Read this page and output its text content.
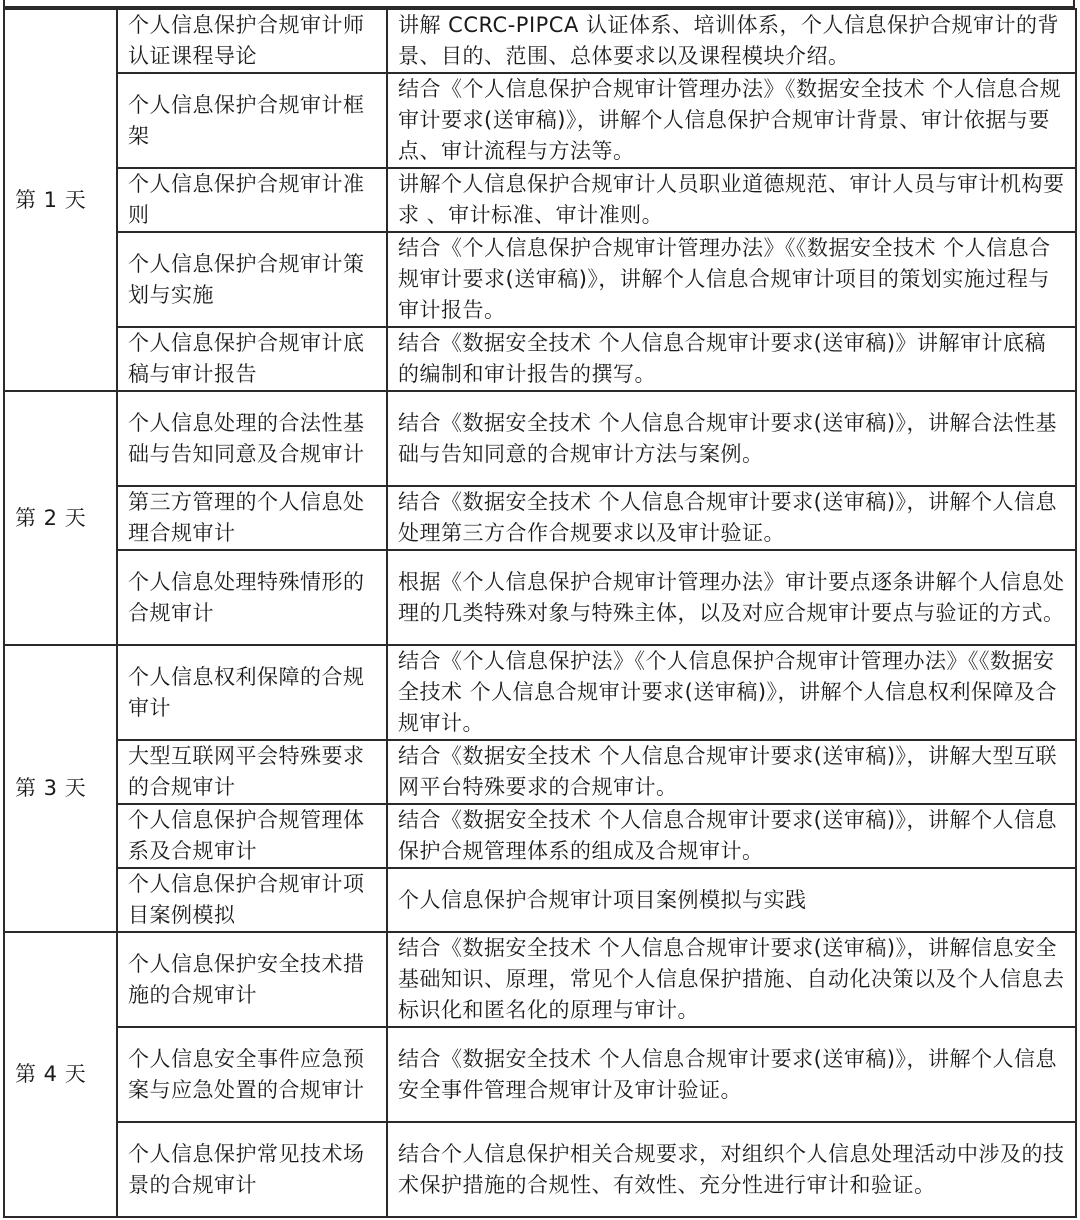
第 1 天	个人信息保护合规审计师认证课程导论	讲解 CCRC-PIPCA 认证体系、培训体系，个人信息保护合规审计的背景、目的、范围、总体要求以及课程模块介绍。
	个人信息保护合规审计框架	结合《个人信息保护合规审计管理办法》《数据安全技术 个人信息合规审计要求(送审稿)》，讲解个人信息保护合规审计背景、审计依据与要点、审计流程与方法等。
	个人信息保护合规审计准则	讲解个人信息保护合规审计人员职业道德规范、审计人员与审计机构要求 、审计标准、审计准则。
	个人信息保护合规审计策划与实施	结合《个人信息保护合规审计管理办法》《《数据安全技术 个人信息合规审计要求(送审稿)》，讲解个人信息合规审计项目的策划实施过程与审计报告。
	个人信息保护合规审计底稿与审计报告	结合《数据安全技术 个人信息合规审计要求(送审稿)》讲解审计底稿的编制和审计报告的撰写。
第 2 天	个人信息处理的合法性基础与告知同意及合规审计	结合《数据安全技术 个人信息合规审计要求(送审稿)》，讲解合法性基础与告知同意的合规审计方法与案例。
	第三方管理的个人信息处理合规审计	结合《数据安全技术 个人信息合规审计要求(送审稿)》，讲解个人信息处理第三方合作合规要求以及审计验证。
	个人信息处理特殊情形的合规审计	根据《个人信息保护合规审计管理办法》审计要点逐条讲解个人信息处理的几类特殊对象与特殊主体，以及对应合规审计要点与验证的方式。
第 3 天	个人信息权利保障的合规审计	结合《个人信息保护法》《个人信息保护合规审计管理办法》《《数据安全技术 个人信息合规审计要求(送审稿)》，讲解个人信息权利保障及合规审计。
	大型互联网平会特殊要求的合规审计	结合《数据安全技术 个人信息合规审计要求(送审稿)》，讲解大型互联网平台特殊要求的合规审计。
	个人信息保护合规管理体系及合规审计	结合《数据安全技术 个人信息合规审计要求(送审稿)》，讲解个人信息保护合规管理体系的组成及合规审计。
	个人信息保护合规审计项目案例模拟	个人信息保护合规审计项目案例模拟与实践
第 4 天	个人信息保护安全技术措施的合规审计	结合《数据安全技术 个人信息合规审计要求(送审稿)》，讲解信息安全基础知识、原理，常见个人信息保护措施、自动化决策以及个人信息去标识化和匿名化的原理与审计。
	个人信息安全事件应急预案与应急处置的合规审计	结合《数据安全技术 个人信息合规审计要求(送审稿)》，讲解个人信息安全事件管理合规审计及审计验证。
	个人信息保护常见技术场景的合规审计	结合个人信息保护相关合规要求，对组织个人信息处理活动中涉及的技术保护措施的合规性、有效性、充分性进行审计和验证。
